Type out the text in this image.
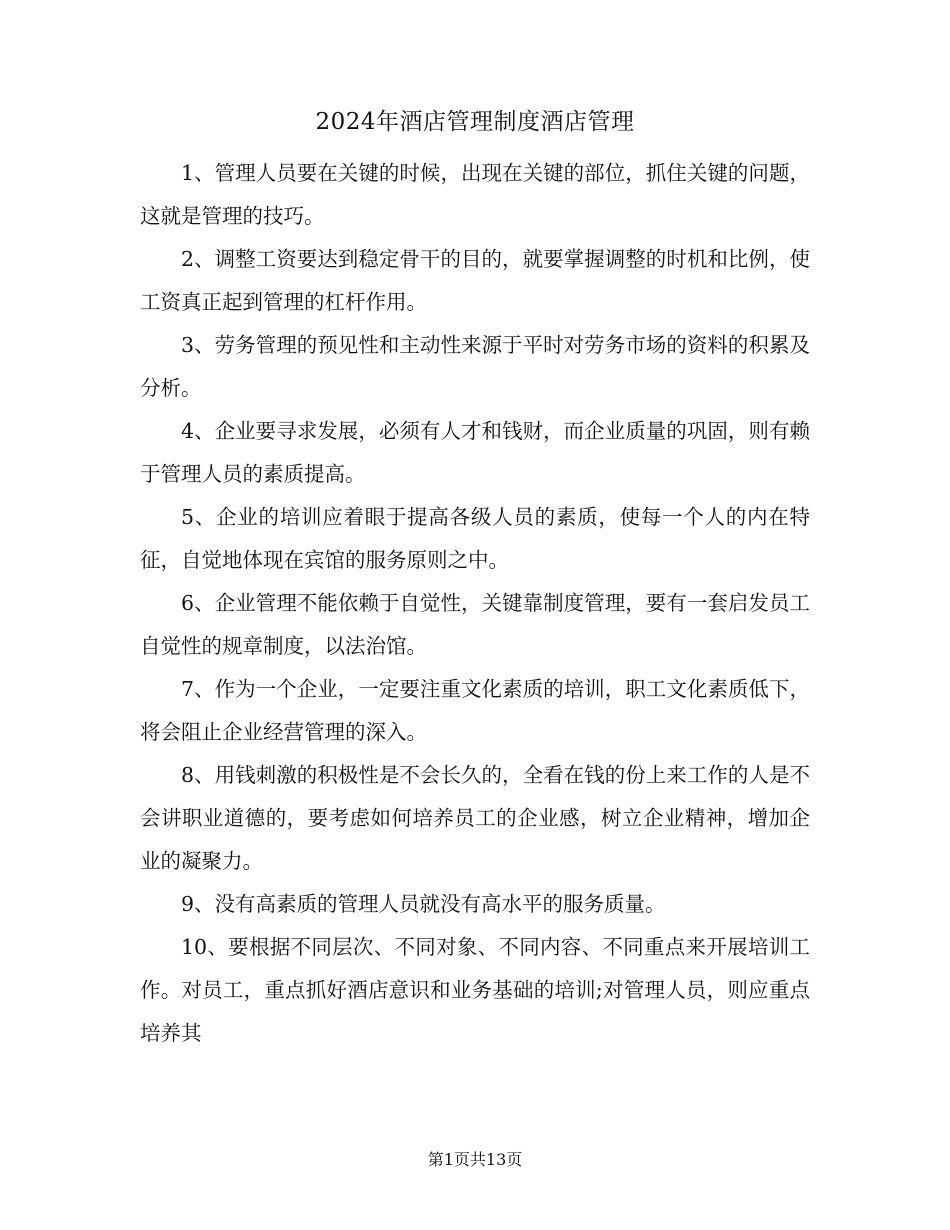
2024年酒店管理制度酒店管理

1、管理人员要在关键的时候，出现在关键的部位，抓住关键的问题，这就是管理的技巧。

2、调整工资要达到稳定骨干的目的，就要掌握调整的时机和比例，使工资真正起到管理的杠杆作用。

3、劳务管理的预见性和主动性来源于平时对劳务市场的资料的积累及分析。

4、企业要寻求发展，必须有人才和钱财，而企业质量的巩固，则有赖于管理人员的素质提高。

5、企业的培训应着眼于提高各级人员的素质，使每一个人的内在特征，自觉地体现在宾馆的服务原则之中。

6、企业管理不能依赖于自觉性，关键靠制度管理，要有一套启发员工自觉性的规章制度，以法治馆。

7、作为一个企业，一定要注重文化素质的培训，职工文化素质低下，将会阻止企业经营管理的深入。

8、用钱刺激的积极性是不会长久的，全看在钱的份上来工作的人是不会讲职业道德的，要考虑如何培养员工的企业感，树立企业精神，增加企业的凝聚力。

9、没有高素质的管理人员就没有高水平的服务质量。

10、要根据不同层次、不同对象、不同内容、不同重点来开展培训工作。对员工，重点抓好酒店意识和业务基础的培训;对管理人员，则应重点培养其

第1页共13页
